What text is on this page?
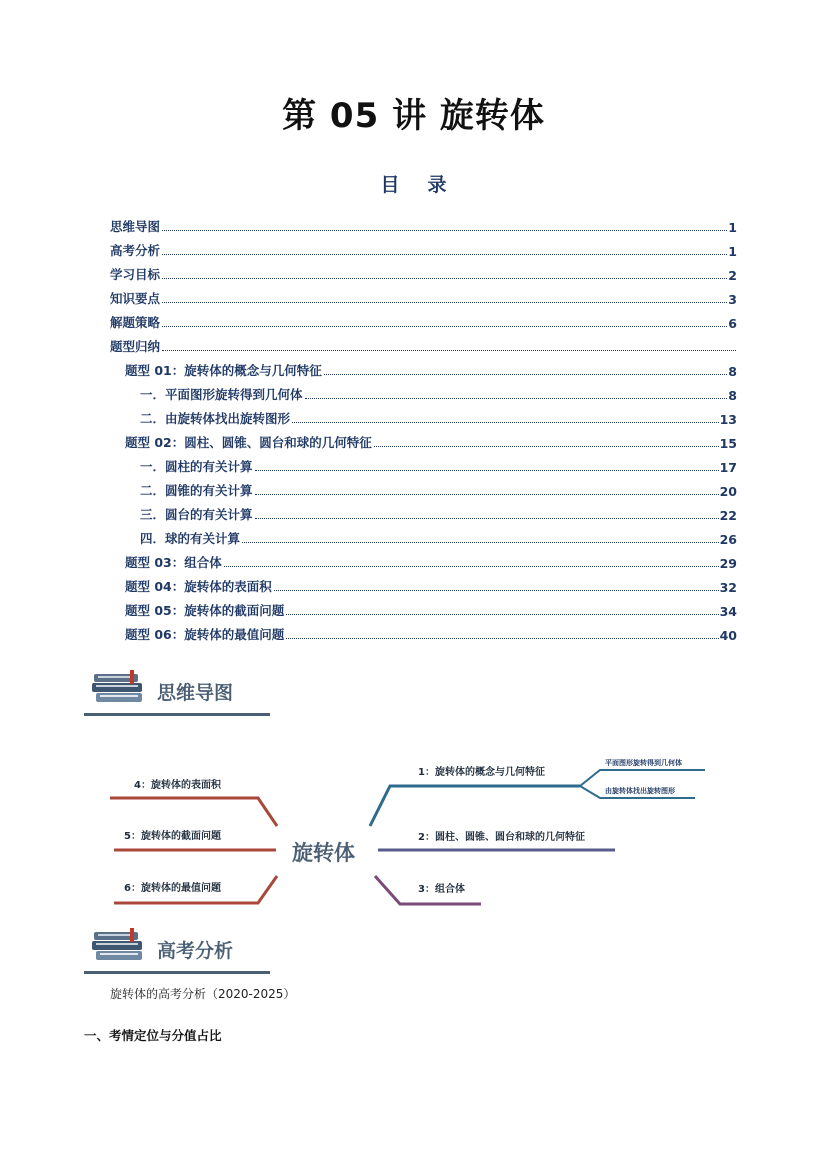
第 05 讲 旋转体
目录
思维导图	1
高考分析	1
学习目标	2
知识要点	3
解题策略	6
题型归纳
题型 01：旋转体的概念与几何特征	8
一．平面图形旋转得到几何体	8
二．由旋转体找出旋转图形	13
题型 02：圆柱、圆锥、圆台和球的几何特征	15
一．圆柱的有关计算	17
二．圆锥的有关计算	20
三．圆台的有关计算	22
四．球的有关计算	26
题型 03：组合体	29
题型 04：旋转体的表面积	32
题型 05：旋转体的截面问题	34
题型 06：旋转体的最值问题	40
思维导图
旋转体
1：旋转体的概念与几何特征
平面图形旋转得到几何体
由旋转体找出旋转图形
2：圆柱、圆锥、圆台和球的几何特征
3：组合体
4：旋转体的表面积
5：旋转体的截面问题
6：旋转体的最值问题
高考分析
旋转体的高考分析（2020-2025）
一、考情定位与分值占比
